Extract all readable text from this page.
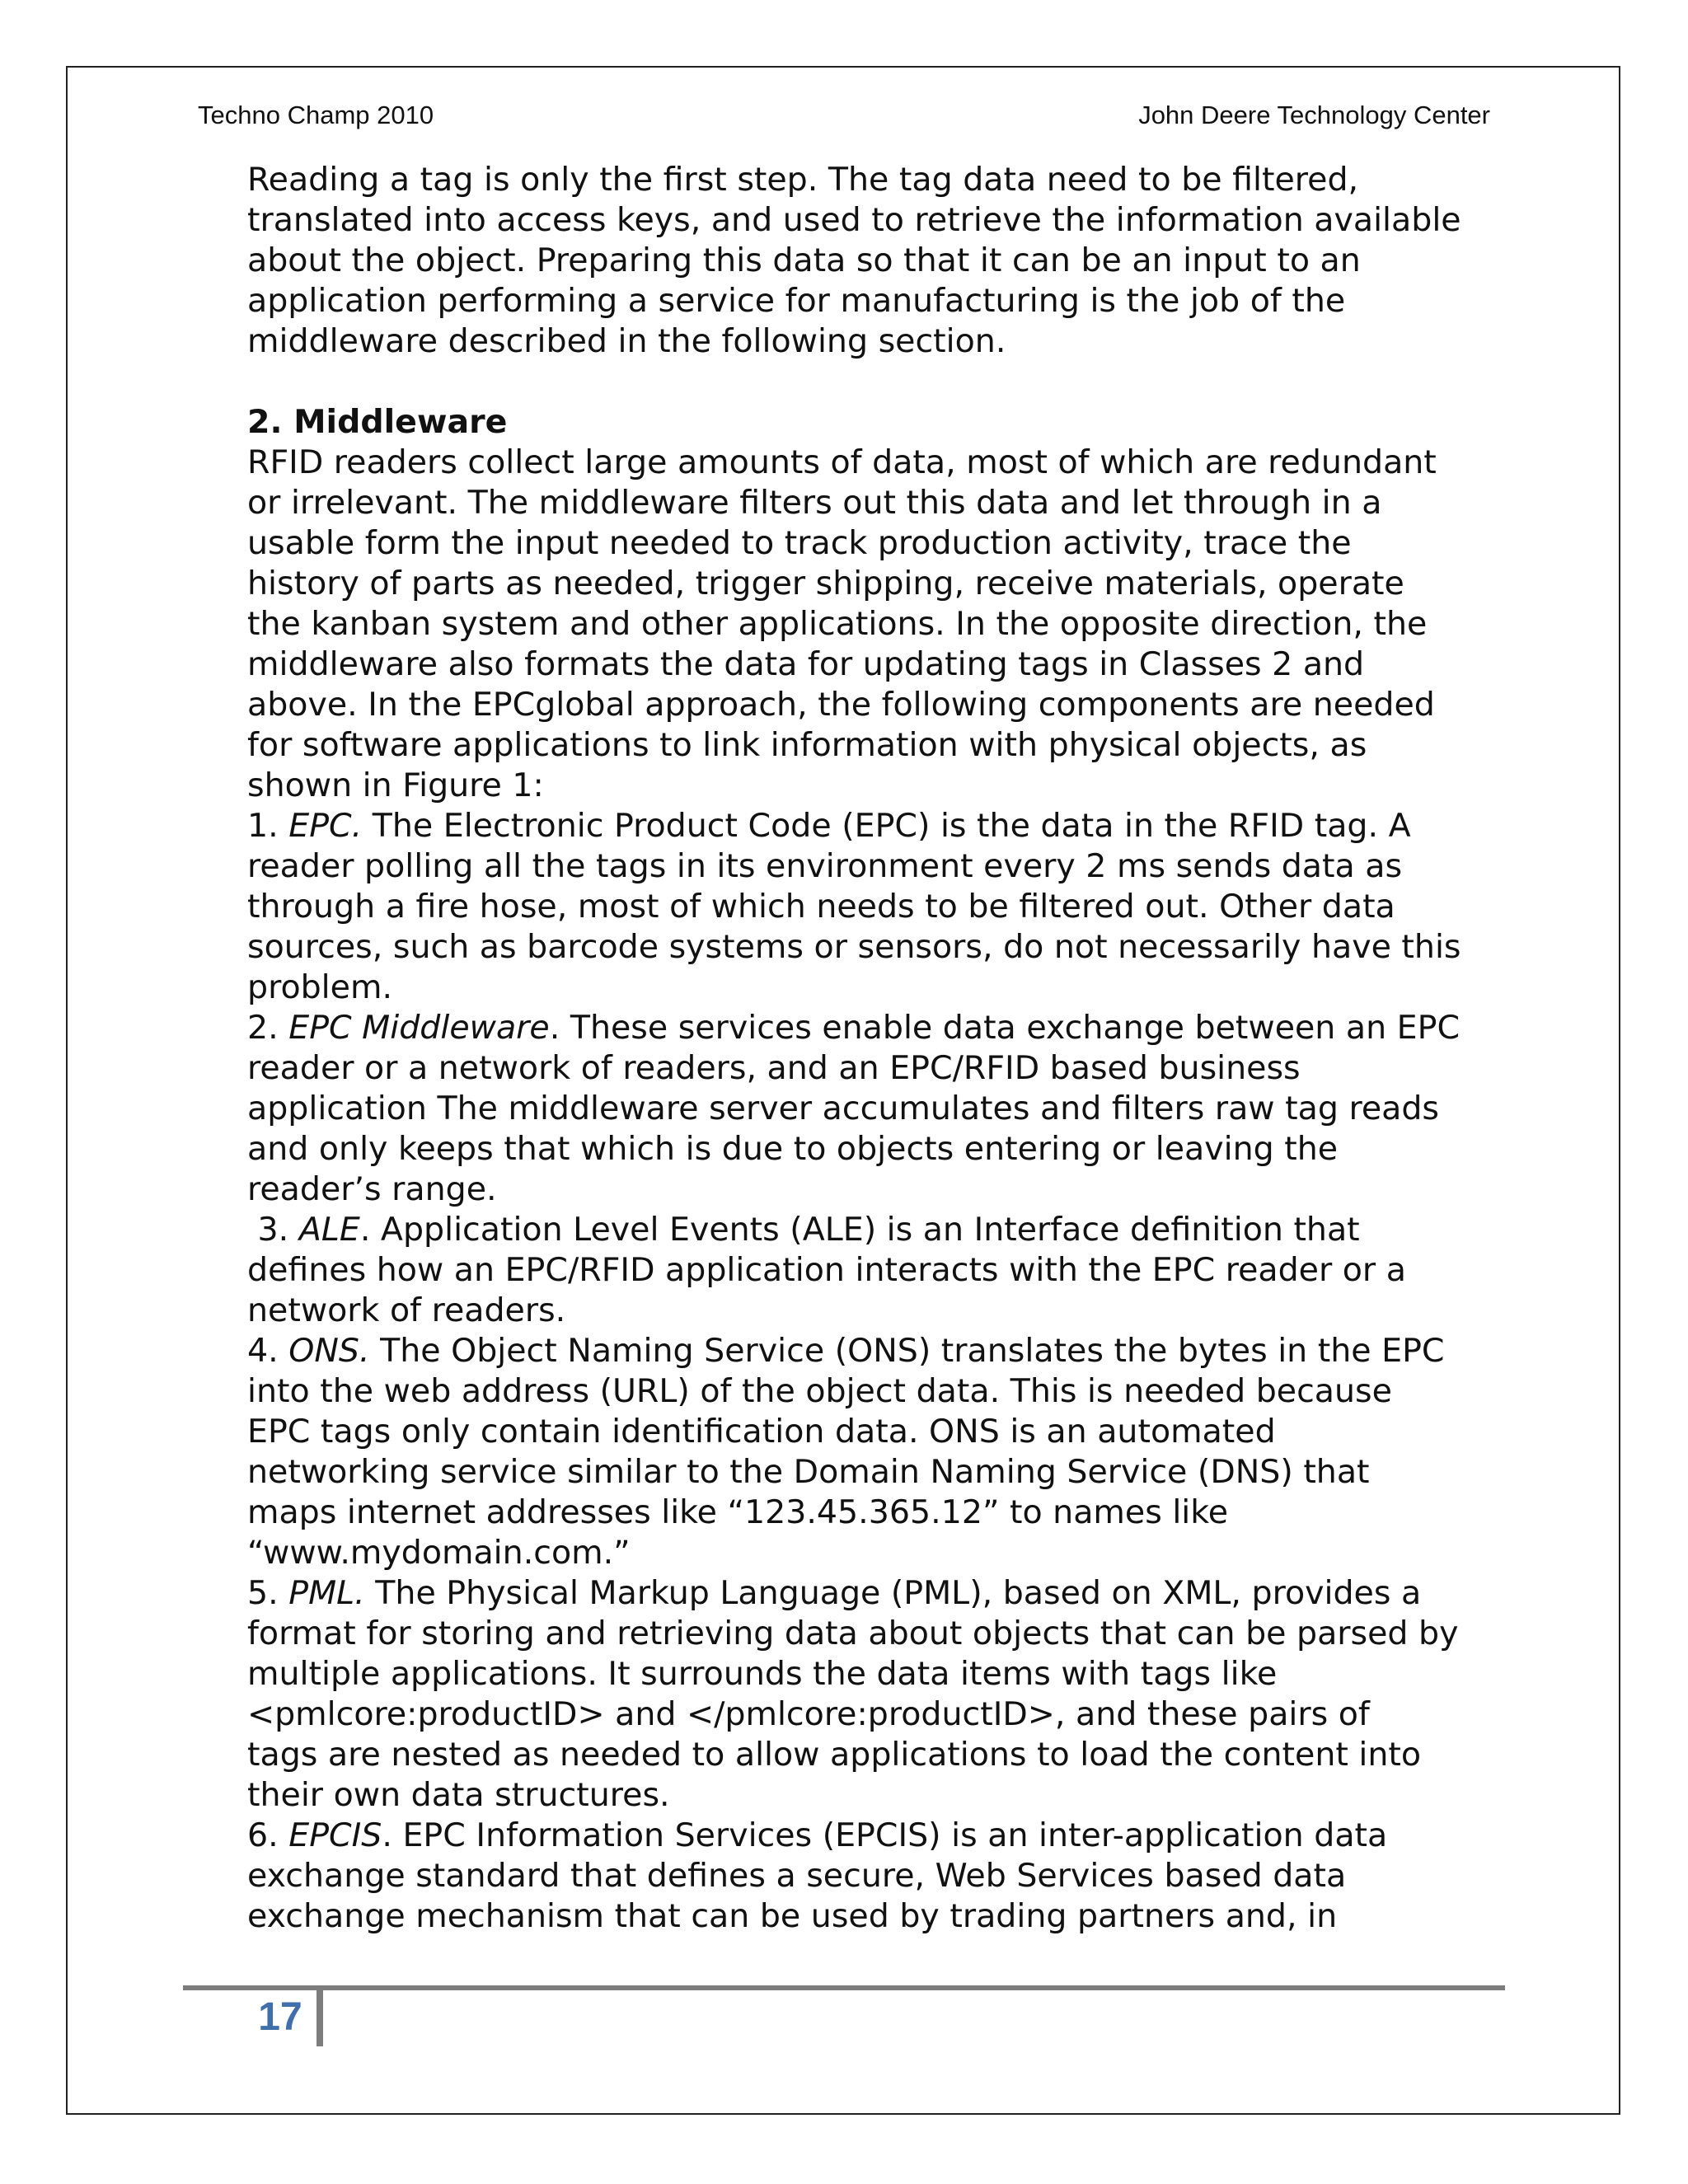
Techno Champ 2010	John Deere Technology Center

Reading a tag is only the first step. The tag data need to be filtered,

translated into access keys, and used to retrieve the information available

about the object. Preparing this data so that it can be an input to an

application performing a service for manufacturing is the job of the

middleware described in the following section.

2. Middleware

RFID readers collect large amounts of data, most of which are redundant

or irrelevant. The middleware filters out this data and let through in a

usable form the input needed to track production activity, trace the

history of parts as needed, trigger shipping, receive materials, operate

the kanban system and other applications. In the opposite direction, the

middleware also formats the data for updating tags in Classes 2 and

above. In the EPCglobal approach, the following components are needed

for software applications to link information with physical objects, as

shown in Figure 1:

1. EPC. The Electronic Product Code (EPC) is the data in the RFID tag. A

reader polling all the tags in its environment every 2 ms sends data as

through a fire hose, most of which needs to be filtered out. Other data

sources, such as barcode systems or sensors, do not necessarily have this

problem.

2. EPC Middleware. These services enable data exchange between an EPC

reader or a network of readers, and an EPC/RFID based business

application The middleware server accumulates and filters raw tag reads

and only keeps that which is due to objects entering or leaving the

reader’s range.

3. ALE. Application Level Events (ALE) is an Interface definition that

defines how an EPC/RFID application interacts with the EPC reader or a

network of readers.

4. ONS. The Object Naming Service (ONS) translates the bytes in the EPC

into the web address (URL) of the object data. This is needed because

EPC tags only contain identification data. ONS is an automated

networking service similar to the Domain Naming Service (DNS) that

maps internet addresses like “123.45.365.12” to names like

“www.mydomain.com.”

5. PML. The Physical Markup Language (PML), based on XML, provides a

format for storing and retrieving data about objects that can be parsed by

multiple applications. It surrounds the data items with tags like

<pmlcore:productID> and </pmlcore:productID>, and these pairs of

tags are nested as needed to allow applications to load the content into

their own data structures.

6. EPCIS. EPC Information Services (EPCIS) is an inter-application data

exchange standard that defines a secure, Web Services based data

exchange mechanism that can be used by trading partners and, in

17
